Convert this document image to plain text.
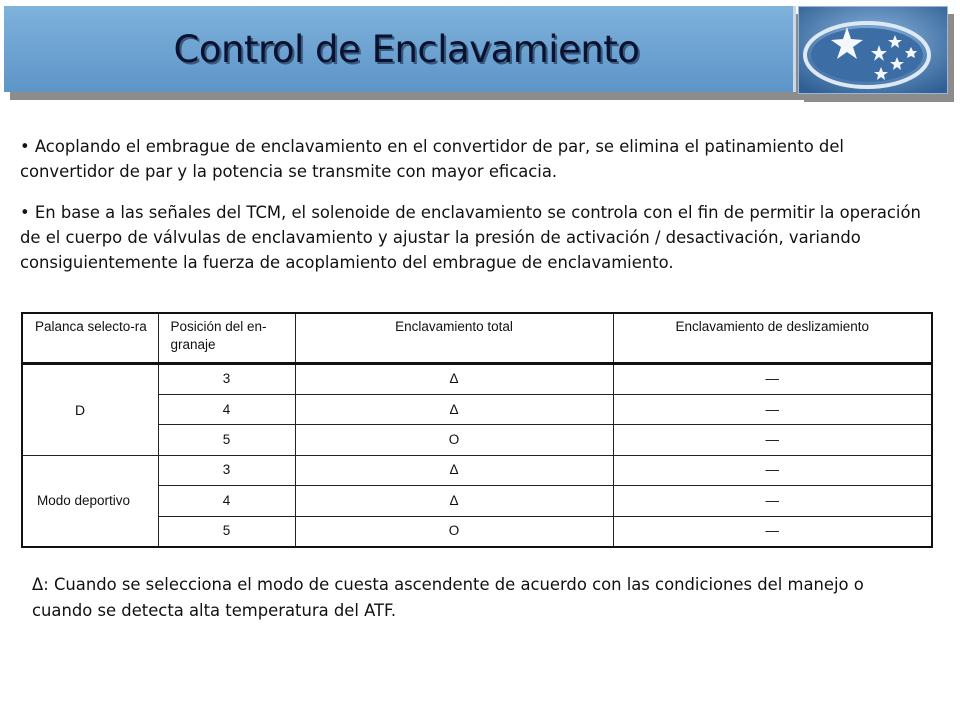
Control de Enclavamiento
• Acoplando el embrague de enclavamiento en el convertidor de par, se elimina el patinamiento del convertidor de par y la potencia se transmite con mayor eficacia.
• En base a las señales del TCM, el solenoide de enclavamiento se controla con el fin de permitir la operación de el cuerpo de válvulas de enclavamiento y ajustar la presión de activación / desactivación, variando consiguientemente la fuerza de acoplamiento del embrague de enclavamiento.
Palanca selecto-ra	Posición del en-granaje	Enclavamiento total	Enclavamiento de deslizamiento
D	3	Δ	—
	4	Δ	—
	5	O	—
Modo deportivo	3	Δ	—
	4	Δ	—
	5	O	—
Δ: Cuando se selecciona el modo de cuesta ascendente de acuerdo con las condiciones del manejo o cuando se detecta alta temperatura del ATF.
